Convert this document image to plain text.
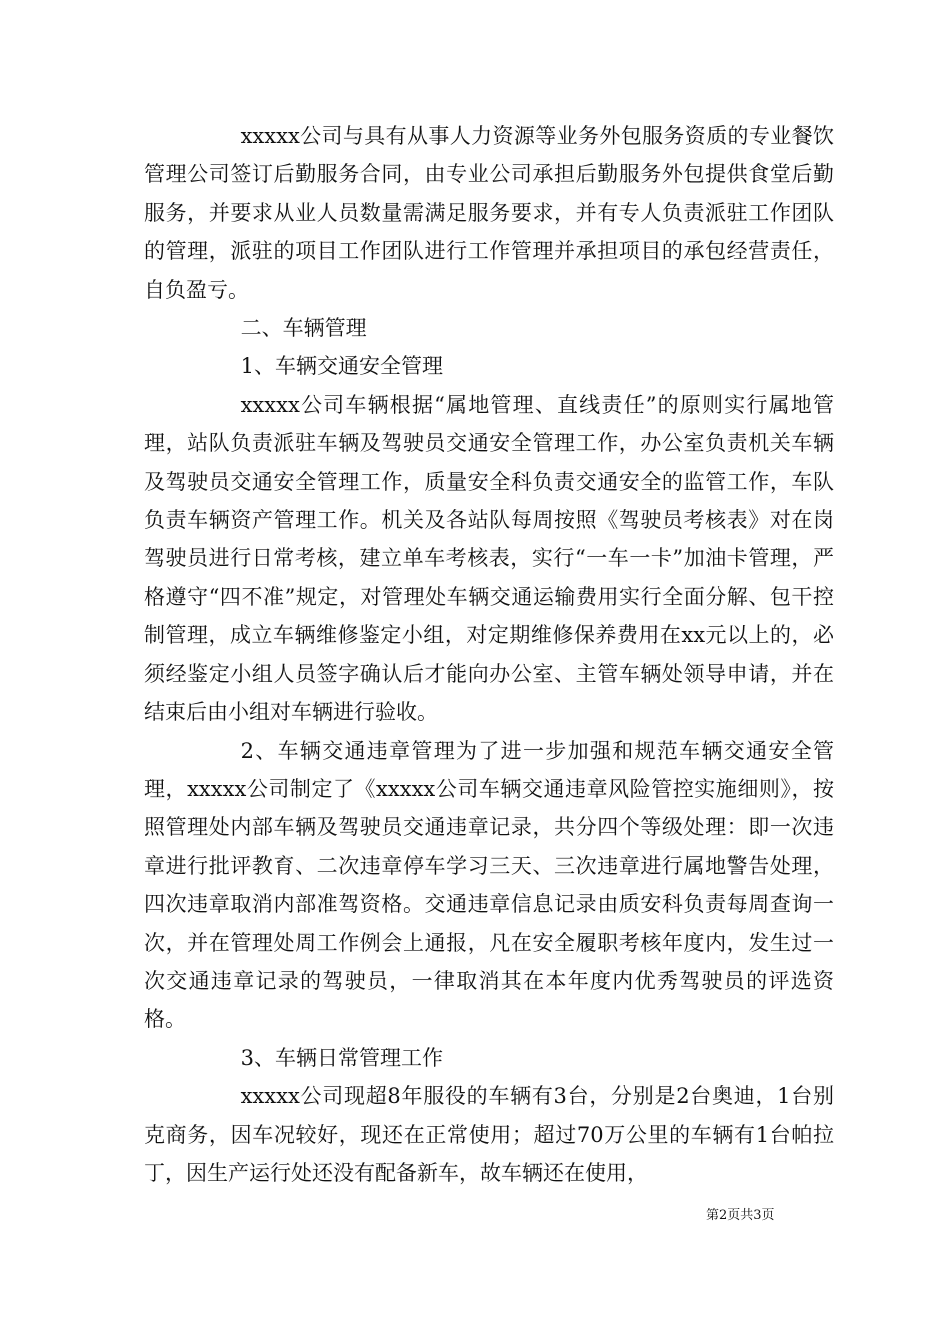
xxxxx公司与具有从事人力资源等业务外包服务资质的专业餐饮管理公司签订后勤服务合同，由专业公司承担后勤服务外包提供食堂后勤服务，并要求从业人员数量需满足服务要求，并有专人负责派驻工作团队的管理，派驻的项目工作团队进行工作管理并承担项目的承包经营责任，自负盈亏。

二、车辆管理

1、车辆交通安全管理

xxxxx公司车辆根据“属地管理、直线责任”的原则实行属地管理，站队负责派驻车辆及驾驶员交通安全管理工作，办公室负责机关车辆及驾驶员交通安全管理工作，质量安全科负责交通安全的监管工作，车队负责车辆资产管理工作。机关及各站队每周按照《驾驶员考核表》对在岗驾驶员进行日常考核，建立单车考核表，实行“一车一卡”加油卡管理，严格遵守“四不准”规定，对管理处车辆交通运输费用实行全面分解、包干控制管理，成立车辆维修鉴定小组，对定期维修保养费用在xx元以上的，必须经鉴定小组人员签字确认后才能向办公室、主管车辆处领导申请，并在结束后由小组对车辆进行验收。

2、车辆交通违章管理为了进一步加强和规范车辆交通安全管理，xxxxx公司制定了《xxxxx公司车辆交通违章风险管控实施细则》，按照管理处内部车辆及驾驶员交通违章记录，共分四个等级处理：即一次违章进行批评教育、二次违章停车学习三天、三次违章进行属地警告处理，四次违章取消内部准驾资格。交通违章信息记录由质安科负责每周查询一次，并在管理处周工作例会上通报，凡在安全履职考核年度内，发生过一次交通违章记录的驾驶员，一律取消其在本年度内优秀驾驶员的评选资格。

3、车辆日常管理工作

xxxxx公司现超8年服役的车辆有3台，分别是2台奥迪，1台别克商务，因车况较好，现还在正常使用；超过70万公里的车辆有1台帕拉丁，因生产运行处还没有配备新车，故车辆还在使用，

第2页共3页
